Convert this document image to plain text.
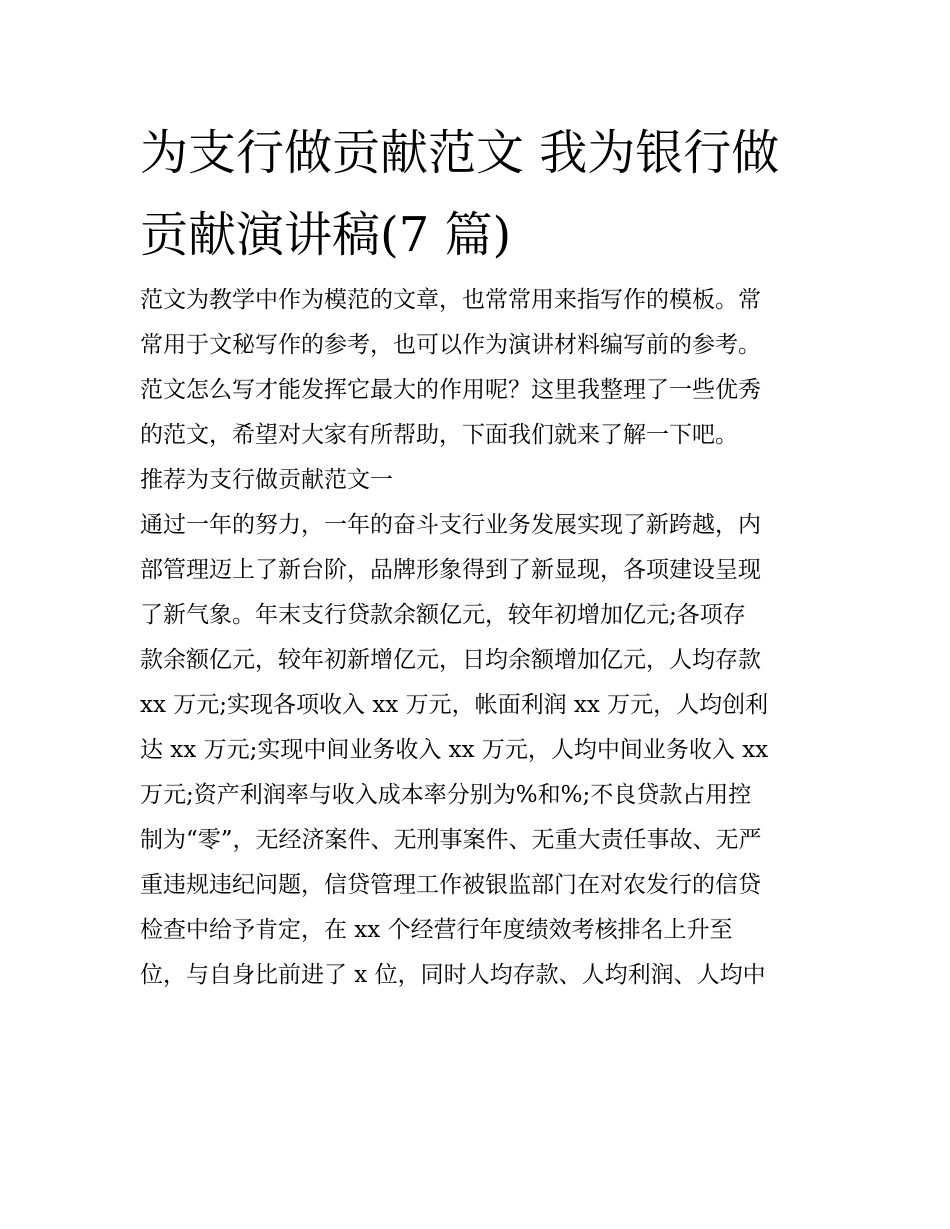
为支行做贡献范文 我为银行做
贡献演讲稿(7 篇)
范文为教学中作为模范的文章，也常常用来指写作的模板。常
常用于文秘写作的参考，也可以作为演讲材料编写前的参考。
范文怎么写才能发挥它最大的作用呢？这里我整理了一些优秀
的范文，希望对大家有所帮助，下面我们就来了解一下吧。
推荐为支行做贡献范文一
通过一年的努力，一年的奋斗支行业务发展实现了新跨越，内
部管理迈上了新台阶，品牌形象得到了新显现，各项建设呈现
了新气象。年末支行贷款余额亿元，较年初增加亿元;各项存
款余额亿元，较年初新增亿元，日均余额增加亿元，人均存款
xx 万元;实现各项收入 xx 万元，帐面利润 xx 万元，人均创利
达 xx 万元;实现中间业务收入 xx 万元，人均中间业务收入 xx
万元;资产利润率与收入成本率分别为%和%;不良贷款占用控
制为“零”，无经济案件、无刑事案件、无重大责任事故、无严
重违规违纪问题，信贷管理工作被银监部门在对农发行的信贷
检查中给予肯定，在 xx 个经营行年度绩效考核排名上升至
位，与自身比前进了 x 位，同时人均存款、人均利润、人均中
